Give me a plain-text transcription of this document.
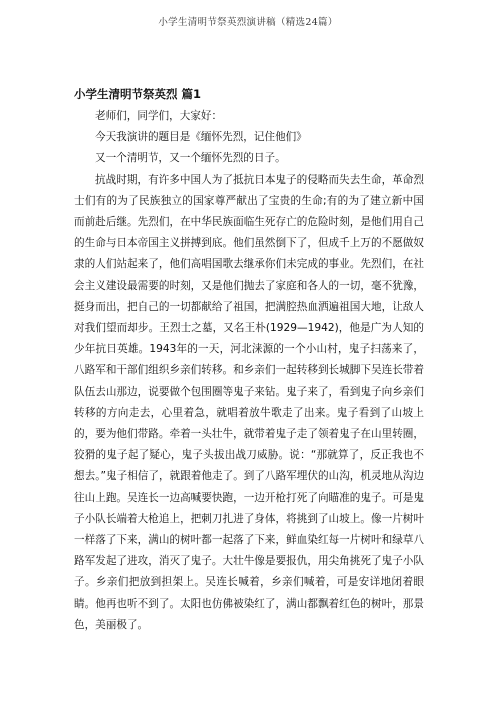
小学生清明节祭英烈演讲稿（精选24篇）
小学生清明节祭英烈 篇1

老师们，同学们，大家好：

今天我演讲的题目是《缅怀先烈，记住他们》

又一个清明节，又一个缅怀先烈的日子。

抗战时期，有许多中国人为了抵抗日本鬼子的侵略而失去生命，革命烈士们有的为了民族独立的国家尊严献出了宝贵的生命;有的为了建立新中国而前赴后继。先烈们，在中华民族面临生死存亡的危险时刻，是他们用自己的生命与日本帝国主义拼搏到底。他们虽然倒下了，但成千上万的不愿做奴隶的人们站起来了，他们高唱国歌去继承你们未完成的事业。先烈们，在社会主义建设最需要的时刻，又是他们抛去了家庭和各人的一切，毫不犹豫，挺身而出，把自己的一切都献给了祖国，把满腔热血洒遍祖国大地，让敌人对我们望而却步。王烈士之墓，又名王朴(1929—1942)，他是广为人知的少年抗日英雄。1943年的一天，河北涞源的一个小山村，鬼子扫荡来了，八路军和干部们组织乡亲们转移。和乡亲们一起转移到长城脚下吴连长带着队伍去山那边，说要做个包围圈等鬼子来钻。鬼子来了，看到鬼子向乡亲们转移的方向走去，心里着急，就唱着放牛歌走了出来。鬼子看到了山坡上的，要为他们带路。牵着一头壮牛，就带着鬼子走了领着鬼子在山里转圈，狡猾的鬼子起了疑心，鬼子头拔出战刀威胁。说：“那就算了，反正我也不想去。”鬼子相信了，就跟着他走了。到了八路军埋伏的山沟，机灵地从沟边往山上跑。吴连长一边高喊要快跑，一边开枪打死了向瞄准的鬼子。可是鬼子小队长端着大枪追上，把刺刀扎进了身体，将挑到了山坡上。像一片树叶一样落了下来，满山的树叶都一起落了下来，鲜血染红每一片树叶和绿草八路军发起了进攻，消灭了鬼子。大壮牛像是要报仇，用尖角挑死了鬼子小队子。乡亲们把放到担架上。吴连长喊着，乡亲们喊着，可是安详地闭着眼睛。他再也听不到了。太阳也仿佛被染红了，满山都飘着红色的树叶，那景色，美丽极了。
